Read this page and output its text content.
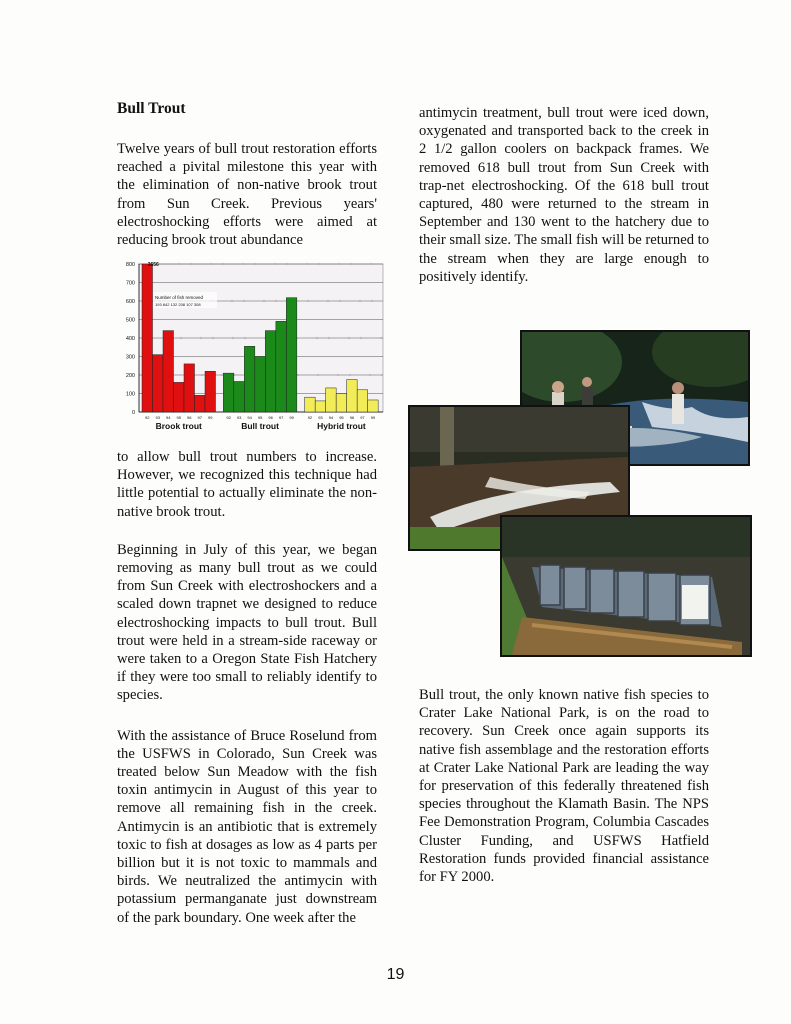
Bull Trout

Twelve years of bull trout restoration efforts reached a pivital milestone this year with the elimination of non-native brook trout from Sun Creek. Previous years' electroshocking efforts were aimed at reducing brook trout abundance

0
100
200
300
400
500
600
700
800
92 93 94 95 96 97 99
Brook trout
92 93 94 95 96 97 99
Bull trout
92 93 94 95 96 97 99
Hybrid trout
3656
Number of fish removed
193 842 132 208 107 308

to allow bull trout numbers to increase. However, we recognized this technique had little potential to actually eliminate the non-native brook trout.

Beginning in July of this year, we began removing as many bull trout as we could from Sun Creek with electroshockers and a scaled down trapnet we designed to reduce electroshocking impacts to bull trout. Bull trout were held in a stream-side raceway or were taken to a Oregon State Fish Hatchery if they were too small to reliably identify to species.

With the assistance of Bruce Roselund from the USFWS in Colorado, Sun Creek was treated below Sun Meadow with the fish toxin antimycin in August of this year to remove all remaining fish in the creek. Antimycin is an antibiotic that is extremely toxic to fish at dosages as low as 4 parts per billion but it is not toxic to mammals and birds. We neutralized the antimycin with potassium permanganate just downstream of the park boundary. One week after the

antimycin treatment, bull trout were iced down, oxygenated and transported back to the creek in 2 1/2 gallon coolers on backpack frames. We removed 618 bull trout from Sun Creek with trap-net electroshocking. Of the 618 bull trout captured, 480 were returned to the stream in September and 130 went to the hatchery due to their small size. The small fish will be returned to the stream when they are large enough to positively identify.

Bull trout, the only known native fish species to Crater Lake National Park, is on the road to recovery. Sun Creek once again supports its native fish assemblage and the restoration efforts at Crater Lake National Park are leading the way for preservation of this federally threatened fish species throughout the Klamath Basin. The NPS Fee Demonstration Program, Columbia Cascades Cluster Funding, and USFWS Hatfield Restoration funds provided financial assistance for FY 2000.

19
